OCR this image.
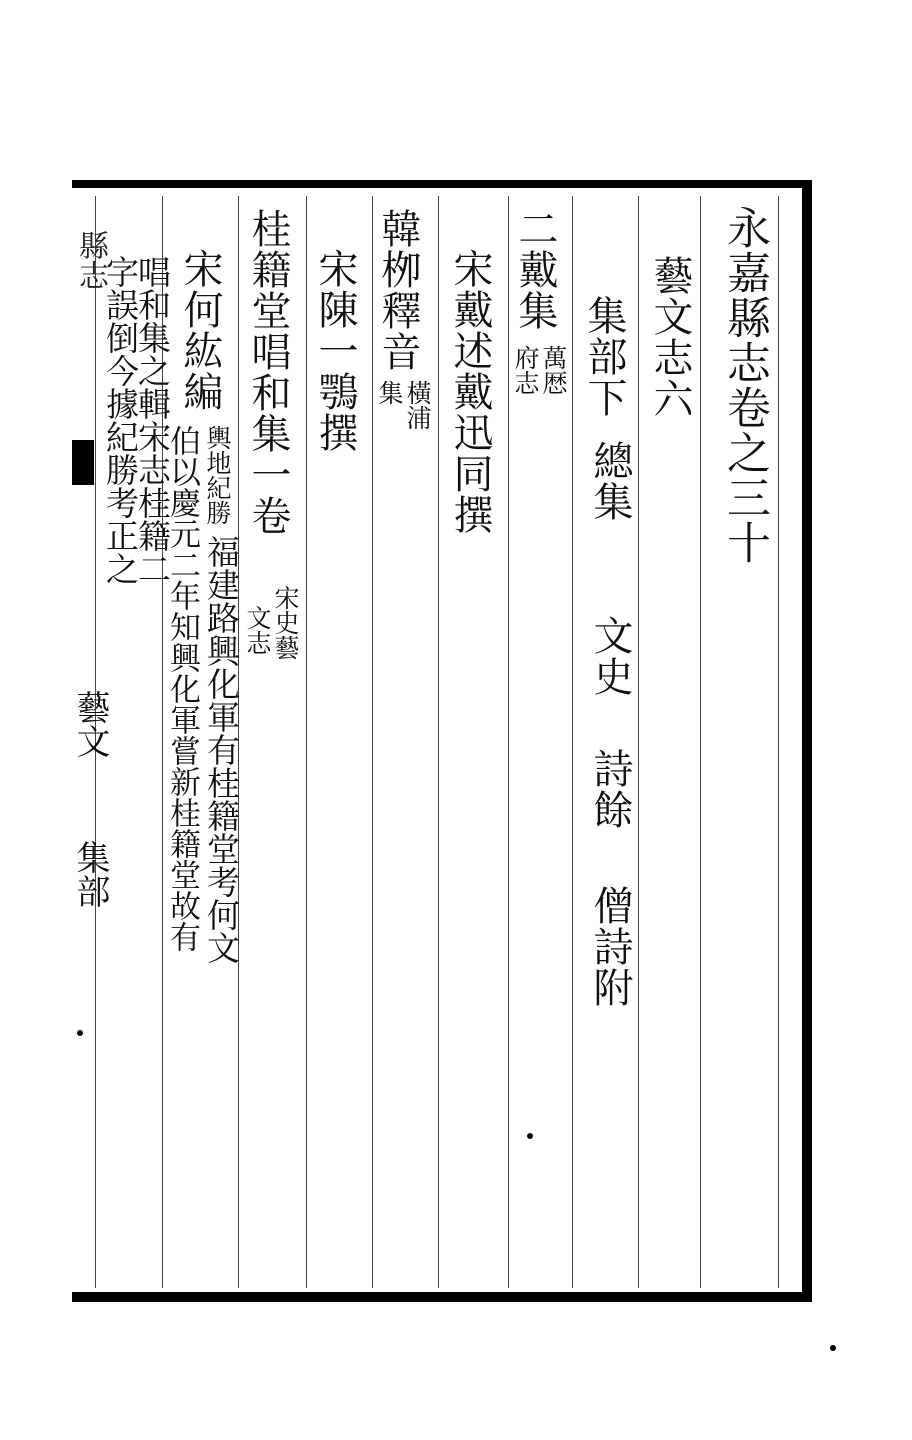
永嘉縣志卷之三十
藝文志六
集部下
總集
文史
詩餘
僧詩附
二戴集
萬厯
府志
宋戴述戴迅同撰
韓栁釋音
橫浦
集
宋陳一鶚撰
桂籍堂唱和集一卷
宋史藝
文志
宋何紘編
輿地紀勝
福建路興化軍有桂籍堂考何文
伯以慶元二年知興化軍嘗新桂籍堂故有
唱和集之輯宋志桂籍二
字誤倒今據紀勝考正之
縣志
藝文
集部
